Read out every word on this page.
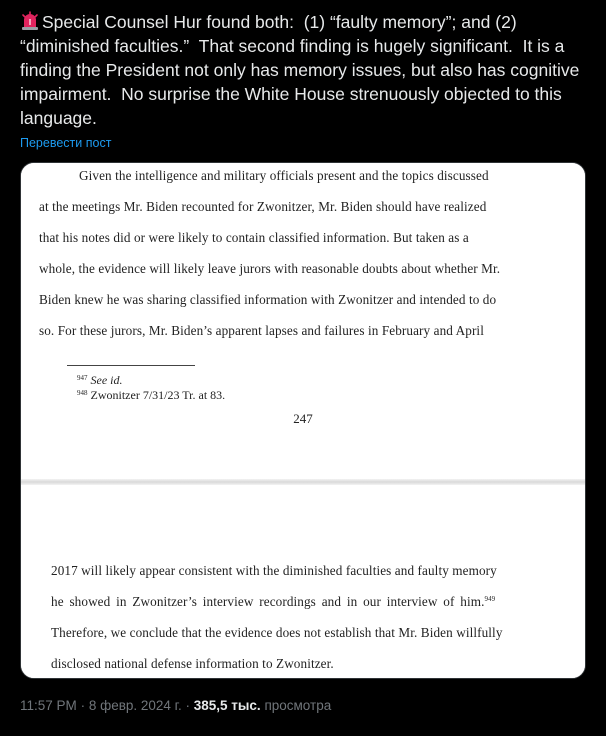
Special Counsel Hur found both:  (1) “faulty memory”; and (2) “diminished faculties.”  That second finding is hugely significant.  It is a finding the President not only has memory issues, but also has cognitive impairment.  No surprise the White House strenuously objected to this language.
Перевести пост
Given the intelligence and military officials present and the topics discussed
at the meetings Mr. Biden recounted for Zwonitzer, Mr. Biden should have realized
that his notes did or were likely to contain classified information. But taken as a
whole, the evidence will likely leave jurors with reasonable doubts about whether Mr.
Biden knew he was sharing classified information with Zwonitzer and intended to do
so. For these jurors, Mr. Biden’s apparent lapses and failures in February and April
$^{947}$ See id.
$^{948}$ Zwonitzer 7/31/23 Tr. at 83.
247
2017 will likely appear consistent with the diminished faculties and faulty memory
he showed in Zwonitzer’s interview recordings and in our interview of him.$^{949}$
Therefore, we conclude that the evidence does not establish that Mr. Biden willfully
disclosed national defense information to Zwonitzer.
11:57 PM · 8 февр. 2024 г. · 385,5 тыс. просмотра
